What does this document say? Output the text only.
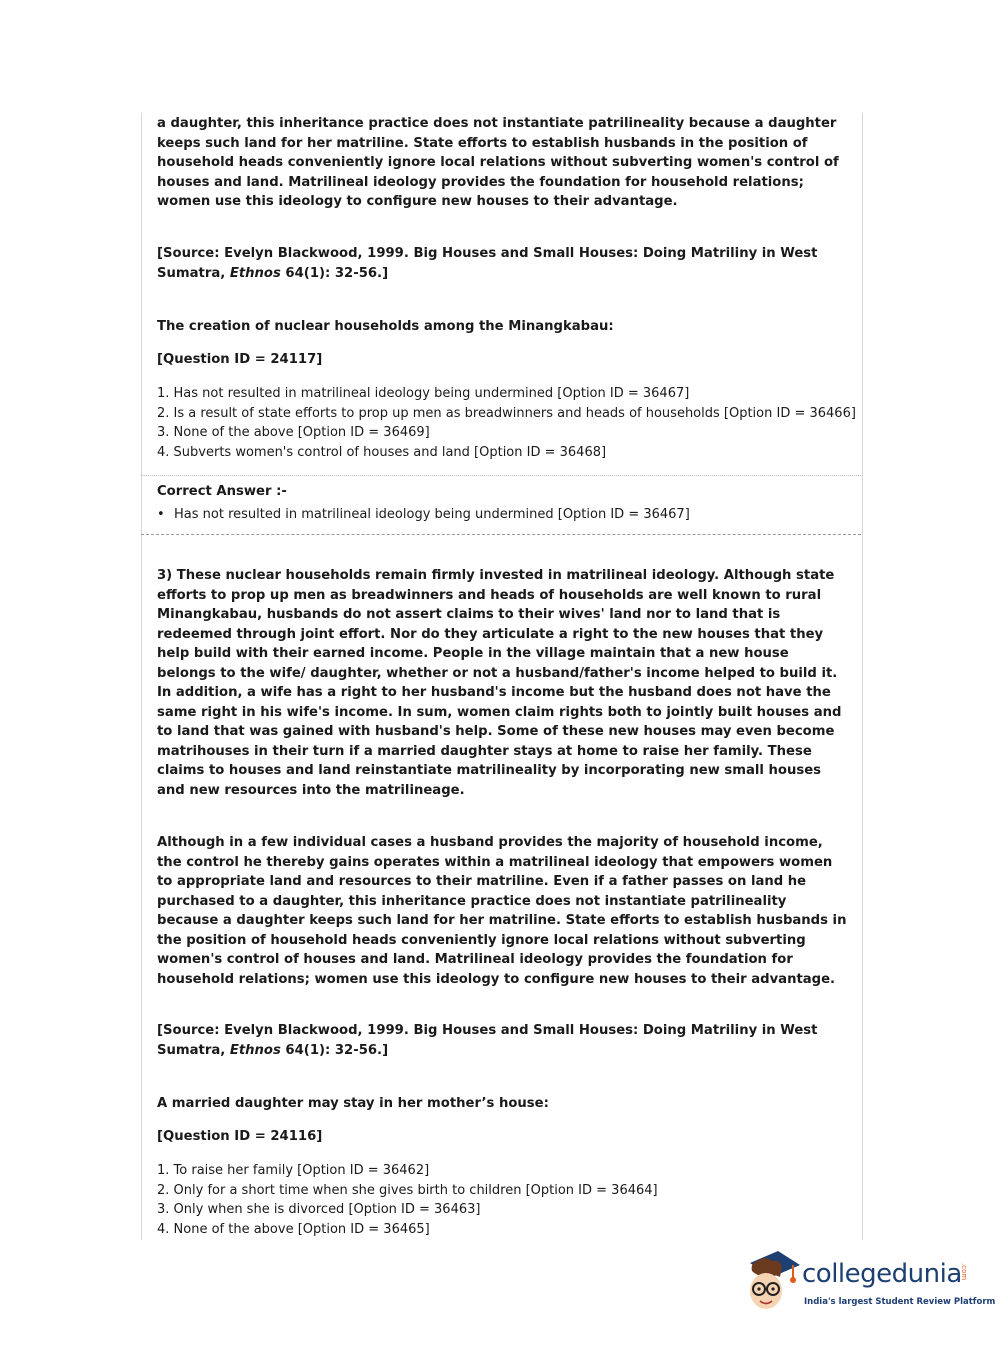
a daughter, this inheritance practice does not instantiate patrilineality because a daughter keeps such land for her matriline. State efforts to establish husbands in the position of household heads conveniently ignore local relations without subverting women's control of houses and land. Matrilineal ideology provides the foundation for household relations; women use this ideology to configure new houses to their advantage.

[Source: Evelyn Blackwood, 1999. Big Houses and Small Houses: Doing Matriliny in West Sumatra, Ethnos 64(1): 32-56.]

The creation of nuclear households among the Minangkabau:

[Question ID = 24117]

1. Has not resulted in matrilineal ideology being undermined [Option ID = 36467]
2. Is a result of state efforts to prop up men as breadwinners and heads of households [Option ID = 36466]
3. None of the above [Option ID = 36469]
4. Subverts women's control of houses and land [Option ID = 36468]

Correct Answer :-

• Has not resulted in matrilineal ideology being undermined [Option ID = 36467]

3) These nuclear households remain firmly invested in matrilineal ideology. Although state efforts to prop up men as breadwinners and heads of households are well known to rural Minangkabau, husbands do not assert claims to their wives' land nor to land that is redeemed through joint effort. Nor do they articulate a right to the new houses that they help build with their earned income. People in the village maintain that a new house belongs to the wife/ daughter, whether or not a husband/father's income helped to build it. In addition, a wife has a right to her husband's income but the husband does not have the same right in his wife's income. In sum, women claim rights both to jointly built houses and to land that was gained with husband's help. Some of these new houses may even become matrihouses in their turn if a married daughter stays at home to raise her family. These claims to houses and land reinstantiate matrilineality by incorporating new small houses and new resources into the matrilineage.

Although in a few individual cases a husband provides the majority of household income, the control he thereby gains operates within a matrilineal ideology that empowers women to appropriate land and resources to their matriline. Even if a father passes on land he purchased to a daughter, this inheritance practice does not instantiate patrilineality because a daughter keeps such land for her matriline. State efforts to establish husbands in the position of household heads conveniently ignore local relations without subverting women's control of houses and land. Matrilineal ideology provides the foundation for household relations; women use this ideology to configure new houses to their advantage.

[Source: Evelyn Blackwood, 1999. Big Houses and Small Houses: Doing Matriliny in West Sumatra, Ethnos 64(1): 32-56.]

A married daughter may stay in her mother’s house:

[Question ID = 24116]

1. To raise her family [Option ID = 36462]
2. Only for a short time when she gives birth to children [Option ID = 36464]
3. Only when she is divorced [Option ID = 36463]
4. None of the above [Option ID = 36465]
collegedunia
.com
India's largest Student Review Platform
